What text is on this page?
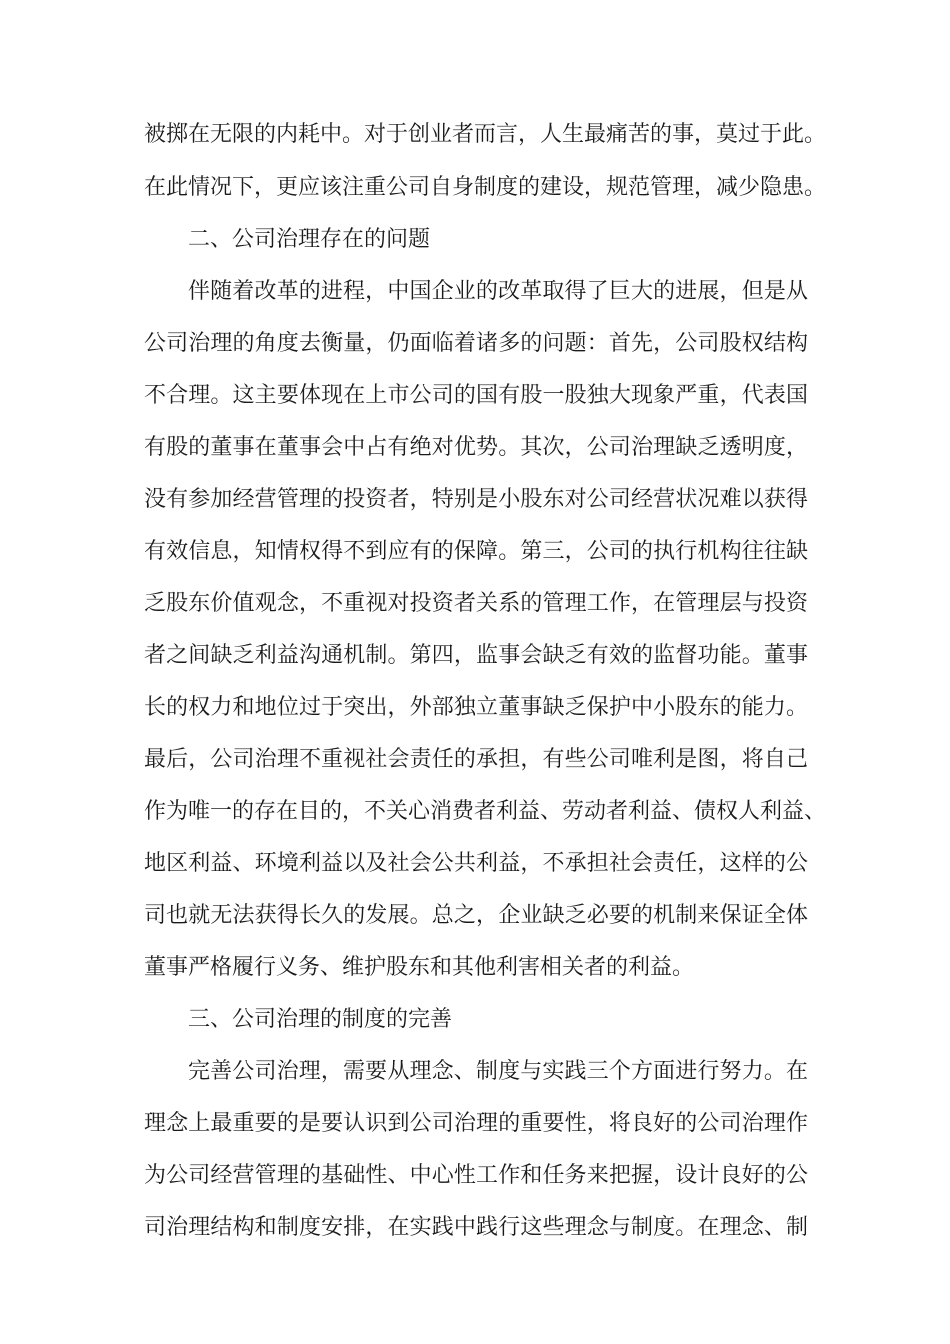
被掷在无限的内耗中。对于创业者而言，人生最痛苦的事，莫过于此。
在此情况下，更应该注重公司自身制度的建设，规范管理，减少隐患。
二、公司治理存在的问题
伴随着改革的进程，中国企业的改革取得了巨大的进展，但是从
公司治理的角度去衡量，仍面临着诸多的问题：首先，公司股权结构
不合理。这主要体现在上市公司的国有股一股独大现象严重，代表国
有股的董事在董事会中占有绝对优势。其次，公司治理缺乏透明度，
没有参加经营管理的投资者，特别是小股东对公司经营状况难以获得
有效信息，知情权得不到应有的保障。第三，公司的执行机构往往缺
乏股东价值观念，不重视对投资者关系的管理工作，在管理层与投资
者之间缺乏利益沟通机制。第四，监事会缺乏有效的监督功能。董事
长的权力和地位过于突出，外部独立董事缺乏保护中小股东的能力。
最后，公司治理不重视社会责任的承担，有些公司唯利是图，将自己
作为唯一的存在目的，不关心消费者利益、劳动者利益、债权人利益、
地区利益、环境利益以及社会公共利益，不承担社会责任，这样的公
司也就无法获得长久的发展。总之，企业缺乏必要的机制来保证全体
董事严格履行义务、维护股东和其他利害相关者的利益。
三、公司治理的制度的完善
完善公司治理，需要从理念、制度与实践三个方面进行努力。在
理念上最重要的是要认识到公司治理的重要性，将良好的公司治理作
为公司经营管理的基础性、中心性工作和任务来把握，设计良好的公
司治理结构和制度安排，在实践中践行这些理念与制度。在理念、制
